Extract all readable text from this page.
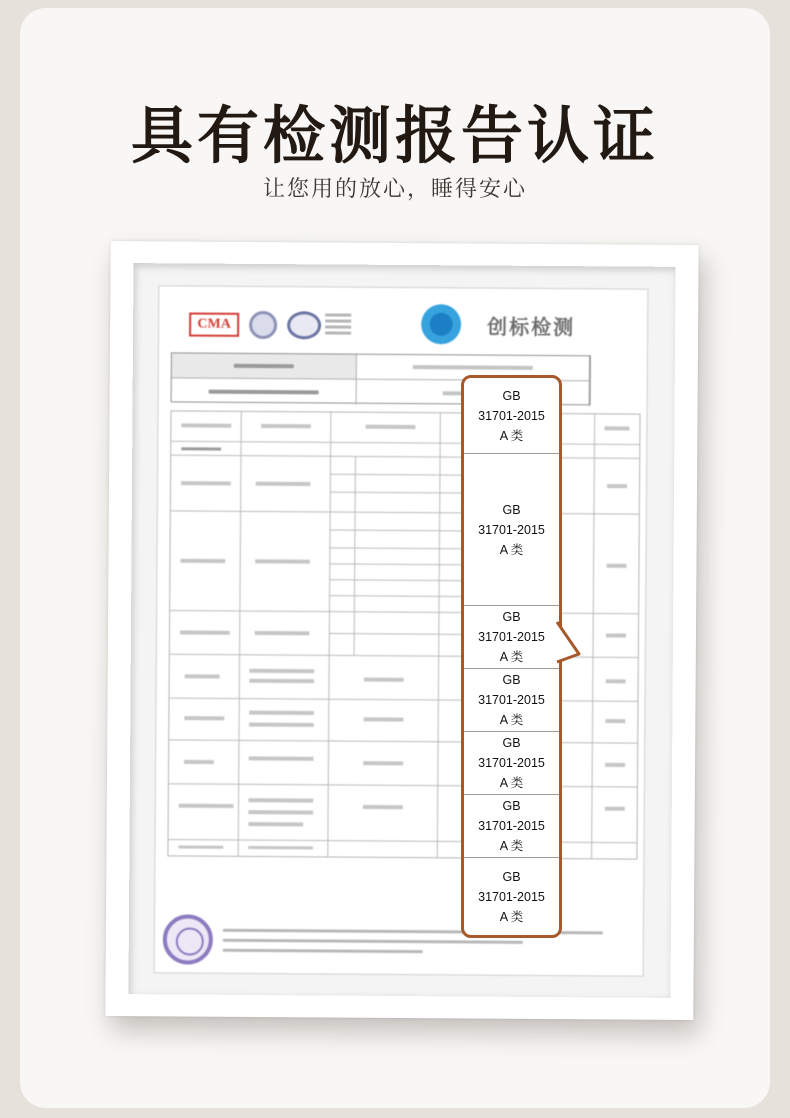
具有检测报告认证
让您用的放心，睡得安心
CMA	创标检测
GB
31701-2015
A 类
GB
31701-2015
A 类
GB
31701-2015
A 类
GB
31701-2015
A 类
GB
31701-2015
A 类
GB
31701-2015
A 类
GB
31701-2015
A 类
